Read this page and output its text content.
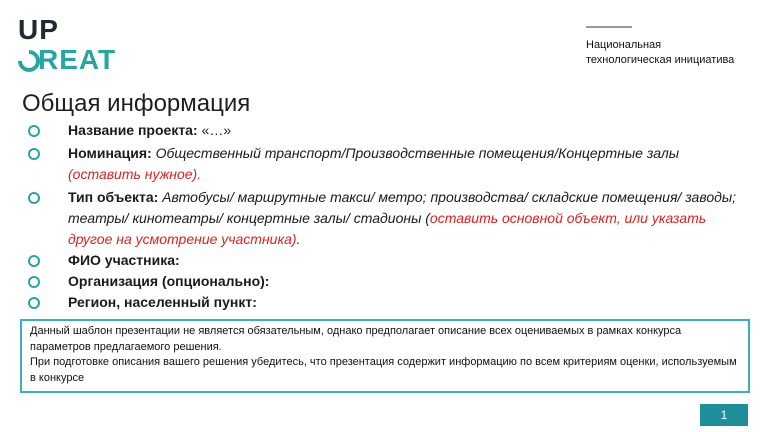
UP
REAT	Национальная
технологическая инициатива
Общая информация
Название проекта: «…»
Номинация: Общественный транспорт/Производственные помещения/Концертные залы (оставить нужное).
Тип объекта: Автобусы/ маршрутные такси/ метро; производства/ складские помещения/ заводы; театры/ кинотеатры/ концертные залы/ стадионы (оставить основной объект, или указать другое на усмотрение участника).
ФИО участника:
Организация (опционально):
Регион, населенный пункт:
Данный шаблон презентации не является обязательным, однако предполагает описание всех оцениваемых в рамках конкурса параметров предлагаемого решения.
При подготовке описания вашего решения убедитесь, что презентация содержит информацию по всем критериям оценки, используемым в конкурсе
1
